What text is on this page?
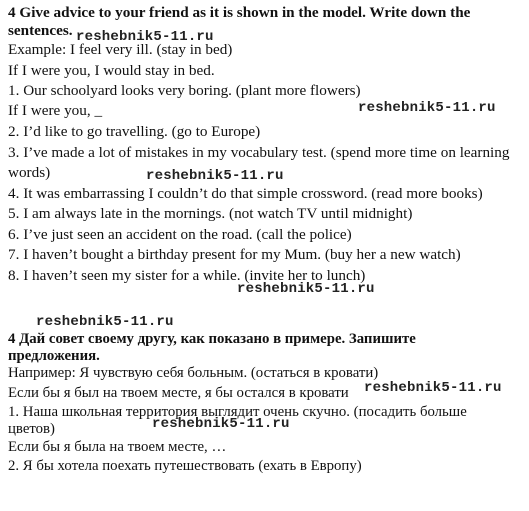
4 Give advice to your friend as it is shown in the model. Write down the
sentences.
Example: I feel very ill. (stay in bed)
If I were you, I would stay in bed.
1. Our schoolyard looks very boring. (plant more flowers)
If I were you, _
2. I’d like to go travelling. (go to Europe)
3. I’ve made a lot of mistakes in my vocabulary test. (spend more time on learning
words)
4. It was embarrassing I couldn’t do that simple crossword. (read more books)
5. I am always late in the mornings. (not watch TV until midnight)
6. I’ve just seen an accident on the road. (call the police)
7. I haven’t bought a birthday present for my Mum. (buy her a new watch)
8. I haven’t seen my sister for a while. (invite her to lunch)
4 Дай совет своему другу, как показано в примере. Запишите
предложения.
Например: Я чувствую себя больным. (остаться в кровати)
Если бы я был на твоем месте, я бы остался в кровати
1. Наша школьная территория выглядит очень скучно. (посадить больше
цветов)
Если бы я была на твоем месте, …
2. Я бы хотела поехать путешествовать (ехать в Европу)
reshebnik5-11.ru
reshebnik5-11.ru
reshebnik5-11.ru
reshebnik5-11.ru
reshebnik5-11.ru
reshebnik5-11.ru
reshebnik5-11.ru
